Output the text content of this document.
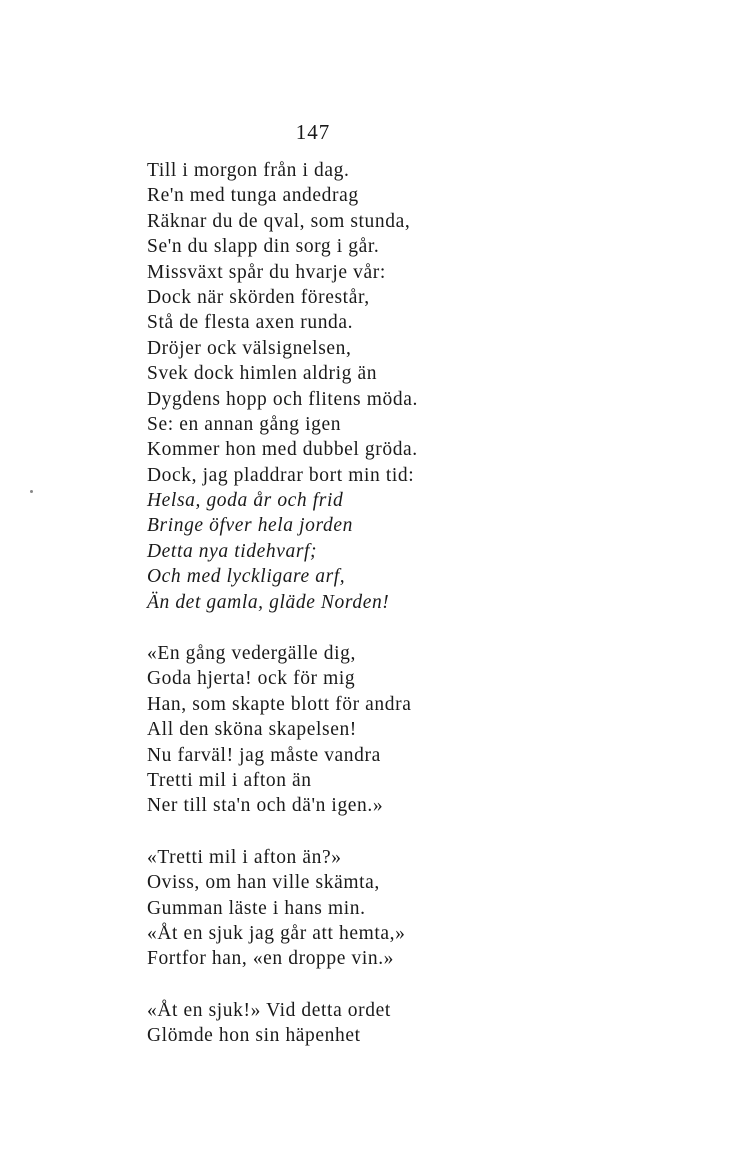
147
Till i morgon från i dag.
Re'n med tunga andedrag
Räknar du de qval, som stunda,
Se'n du slapp din sorg i går.
Missväxt spår du hvarje vår:
Dock när skörden förestår,
Stå de flesta axen runda.
Dröjer ock välsignelsen,
Svek dock himlen aldrig än
Dygdens hopp och flitens möda.
Se: en annan gång igen
Kommer hon med dubbel gröda.
Dock, jag pladdrar bort min tid:
Helsa, goda år och frid
Bringe öfver hela jorden
Detta nya tidehvarf;
Och med lyckligare arf,
Än det gamla, gläde Norden!
«En gång vedergälle dig,
Goda hjerta! ock för mig
Han, som skapte blott för andra
All den sköna skapelsen!
Nu farväl! jag måste vandra
Tretti mil i afton än
Ner till sta'n och dä'n igen.»
«Tretti mil i afton än?»
Oviss, om han ville skämta,
Gumman läste i hans min.
«Åt en sjuk jag går att hemta,»
Fortfor han, «en droppe vin.»
«Åt en sjuk!» Vid detta ordet
Glömde hon sin häpenhet
